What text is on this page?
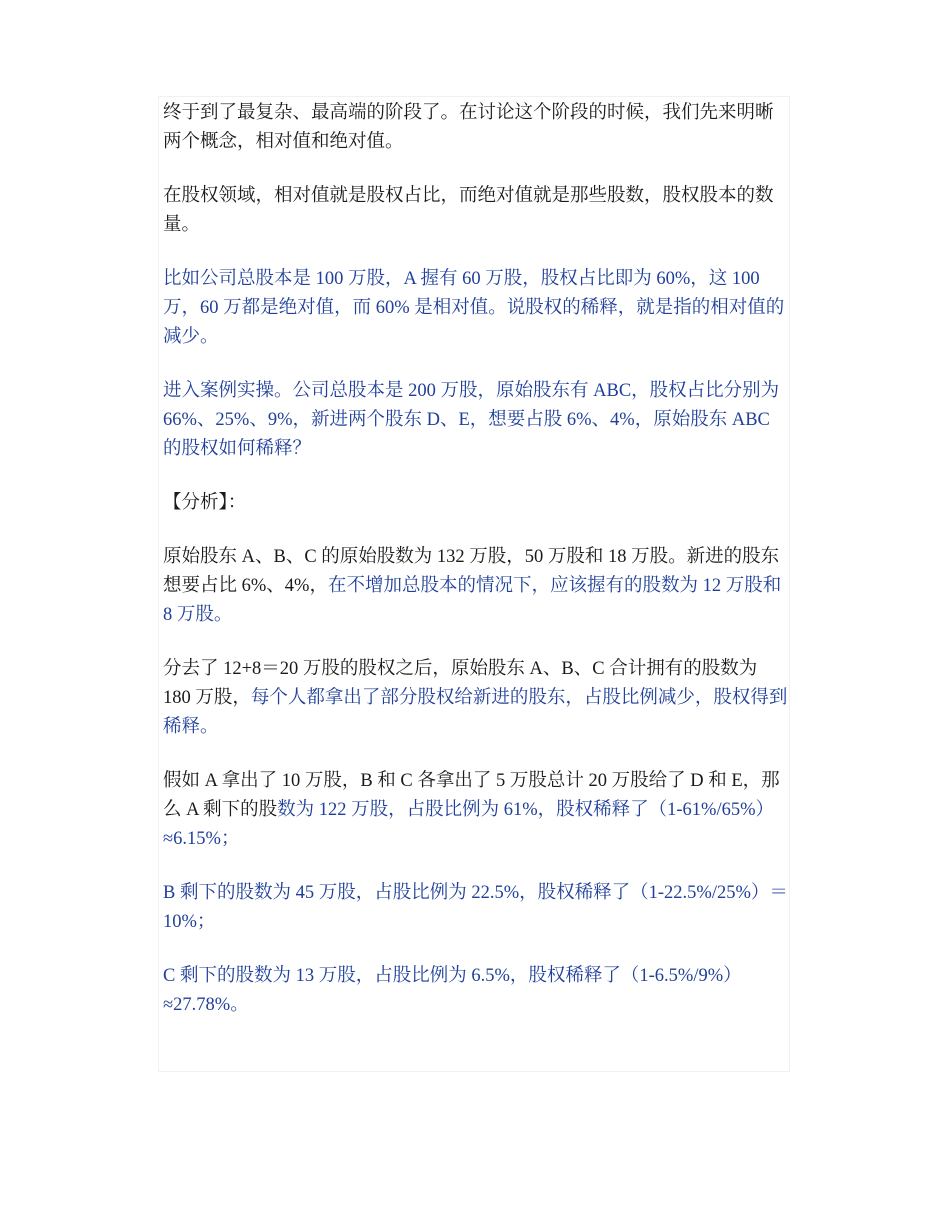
终于到了最复杂、最高端的阶段了。在讨论这个阶段的时候，我们先来明晰两个概念，相对值和绝对值。

在股权领域，相对值就是股权占比，而绝对值就是那些股数，股权股本的数量。

比如公司总股本是 100 万股，A 握有 60 万股，股权占比即为 60%，这 100 万，60 万都是绝对值，而 60% 是相对值。说股权的稀释，就是指的相对值的减少。

进入案例实操。公司总股本是 200 万股，原始股东有 ABC，股权占比分别为 66%、25%、9%，新进两个股东 D、E，想要占股 6%、4%，原始股东 ABC 的股权如何稀释？

【分析】：

原始股东 A、B、C 的原始股数为 132 万股，50 万股和 18 万股。新进的股东想要占比 6%、4%，在不增加总股本的情况下，应该握有的股数为 12 万股和 8 万股。

分去了 12+8＝20 万股的股权之后，原始股东 A、B、C 合计拥有的股数为 180 万股，每个人都拿出了部分股权给新进的股东，占股比例减少，股权得到稀释。

假如 A 拿出了 10 万股，B 和 C 各拿出了 5 万股总计 20 万股给了 D 和 E，那么 A 剩下的股数为 122 万股，占股比例为 61%，股权稀释了（1-61%/65%）≈6.15%；

B 剩下的股数为 45 万股，占股比例为 22.5%，股权稀释了（1-22.5%/25%）＝10%；

C 剩下的股数为 13 万股，占股比例为 6.5%，股权稀释了（1-6.5%/9%）≈27.78%。
